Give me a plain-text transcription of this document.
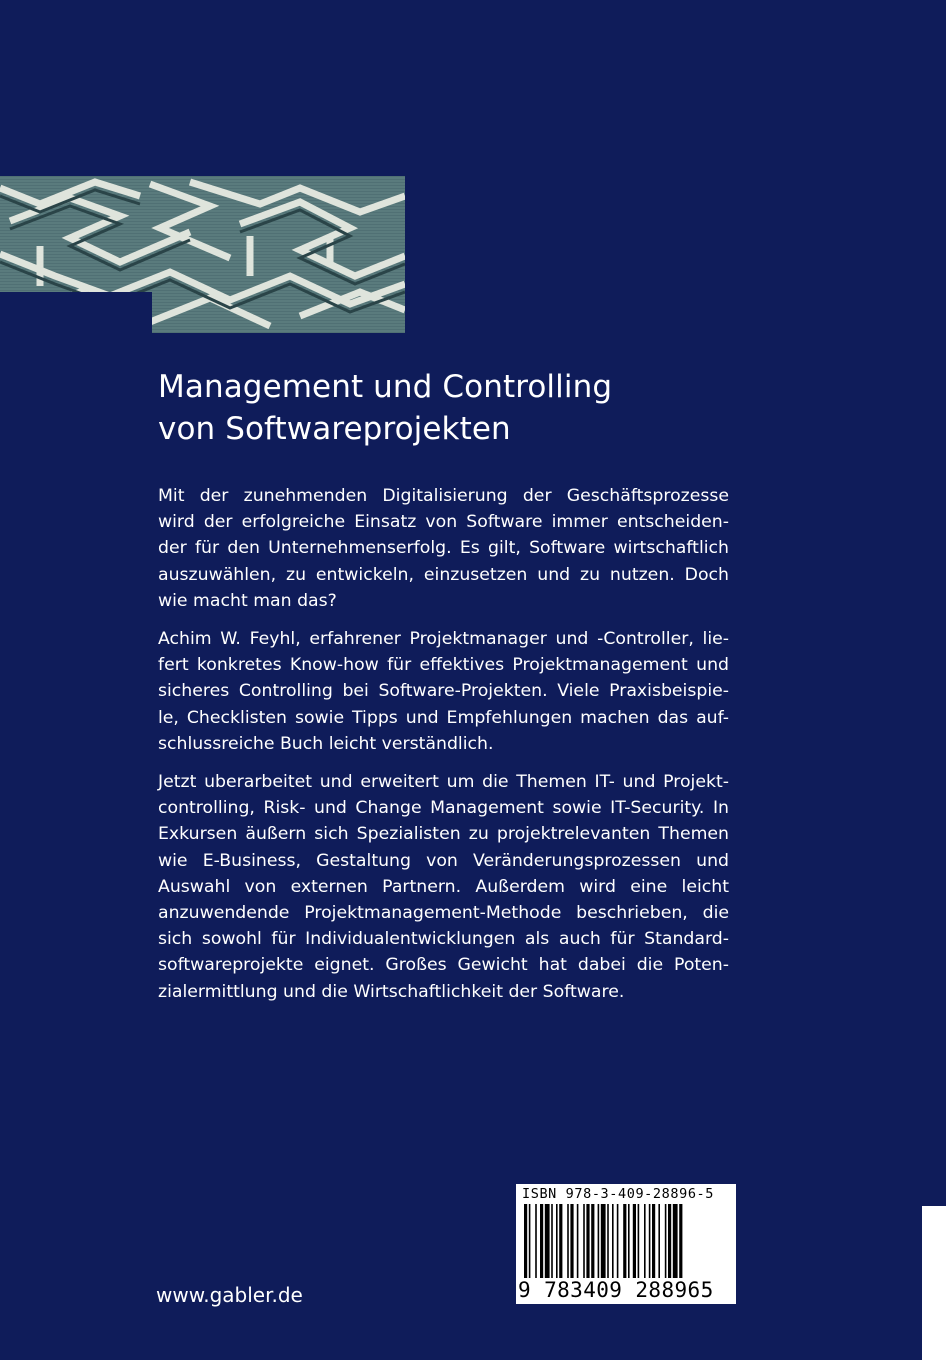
Management und Controlling
von Softwareprojekten
Mit der zunehmenden Digitalisierung der Geschäftsprozesse
wird der erfolgreiche Einsatz von Software immer entscheiden-
der für den Unternehmenserfolg. Es gilt, Software wirtschaftlich
auszuwählen, zu entwickeln, einzusetzen und zu nutzen. Doch
wie macht man das?
Achim W. Feyhl, erfahrener Projektmanager und -Controller, lie-
fert konkretes Know-how für effektives Projektmanagement und
sicheres Controlling bei Software-Projekten. Viele Praxisbeispie-
le, Checklisten sowie Tipps und Empfehlungen machen das auf-
schlussreiche Buch leicht verständlich.
Jetzt uberarbeitet und erweitert um die Themen IT- und Projekt-
controlling, Risk- und Change Management sowie IT-Security. In
Exkursen äußern sich Spezialisten zu projektrelevanten Themen
wie E-Business, Gestaltung von Veränderungsprozessen und
Auswahl von externen Partnern. Außerdem wird eine leicht
anzuwendende Projektmanagement-Methode beschrieben, die
sich sowohl für Individualentwicklungen als auch für Standard-
softwareprojekte eignet. Großes Gewicht hat dabei die Poten-
zialermittlung und die Wirtschaftlichkeit der Software.
www.gabler.de
ISBN 978-3-409-28896-5
9 783409 288965
